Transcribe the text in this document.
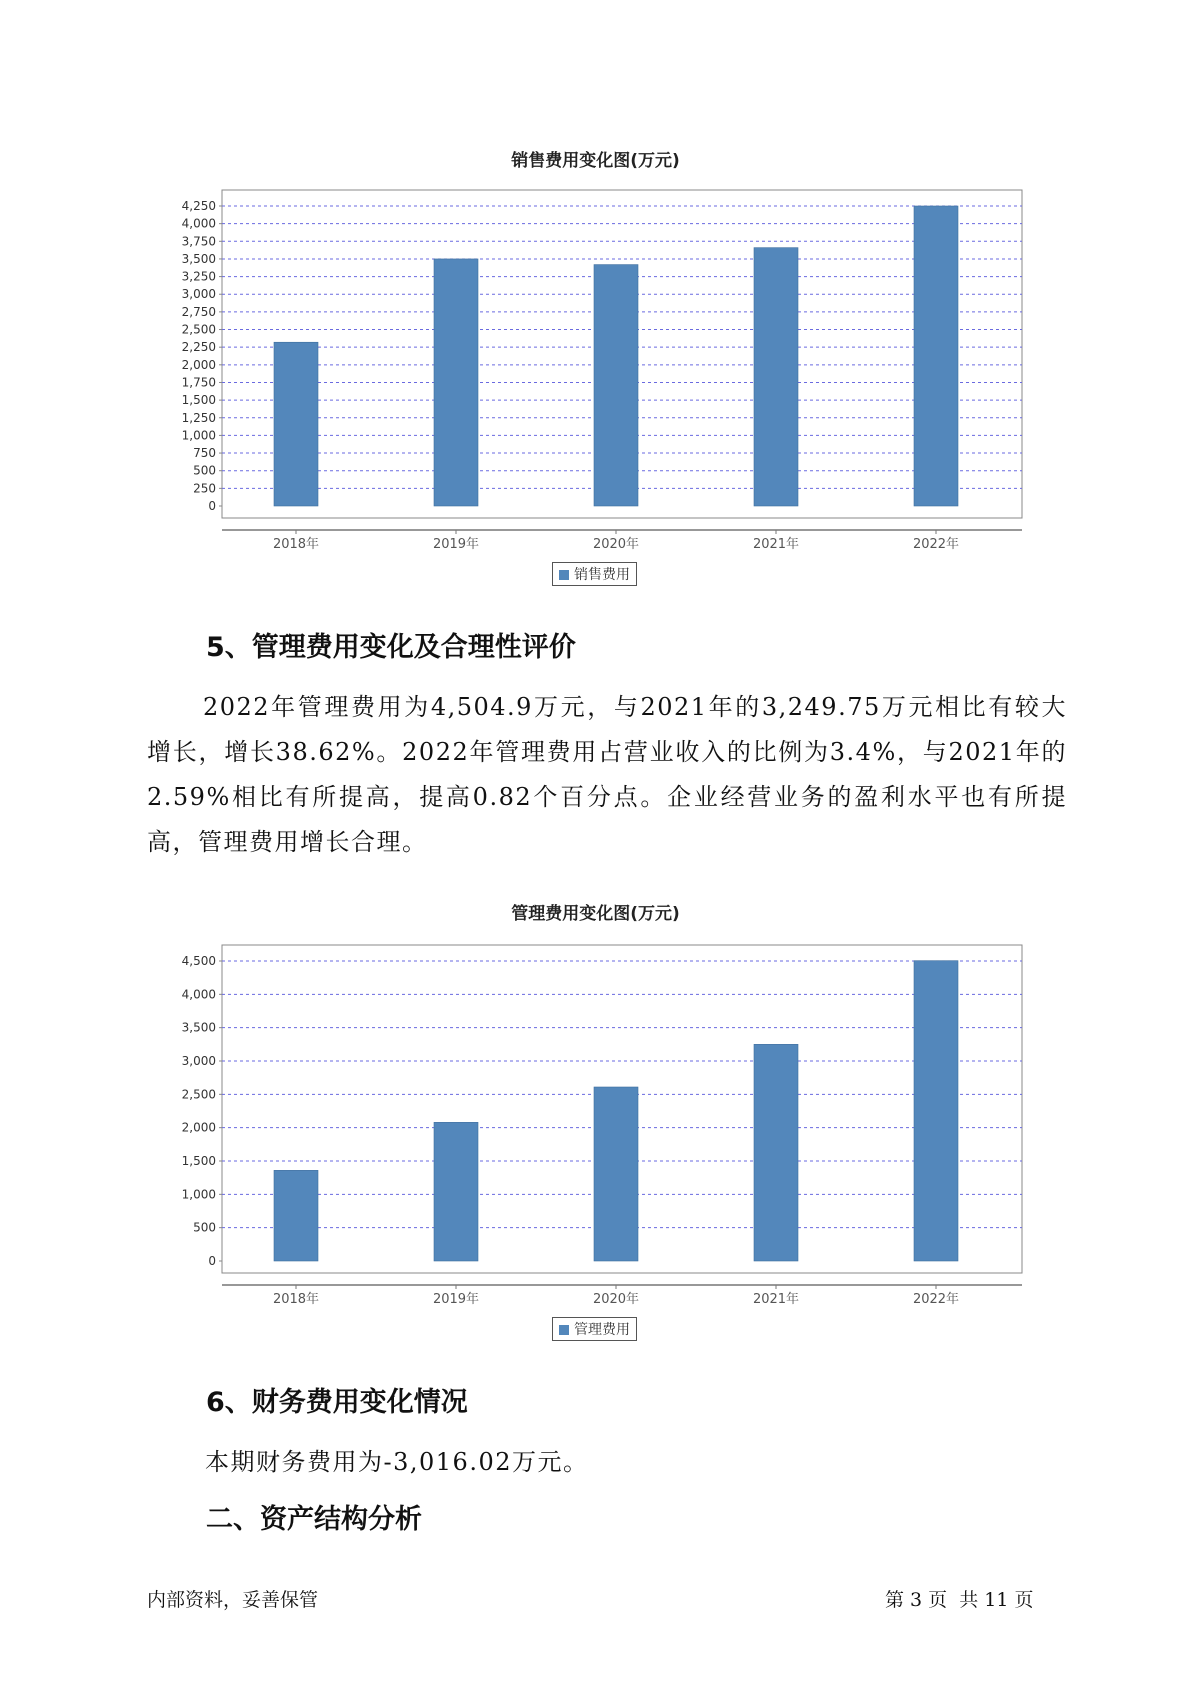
销售费用变化图(万元)
0
250
500
750
1,000
1,250
1,500
1,750
2,000
2,250
2,500
2,750
3,000
3,250
3,500
3,750
4,000
4,250
2018年	2019年	2020年	2021年	2022年
销售费用
5、管理费用变化及合理性评价

2022年管理费用为4,504.9万元，与2021年的3,249.75万元相比有较大增长，增长38.62%。2022年管理费用占营业收入的比例为3.4%，与2021年的2.59%相比有所提高，提高0.82个百分点。企业经营业务的盈利水平也有所提高，管理费用增长合理。

管理费用变化图(万元)
0
500
1,000
1,500
2,000
2,500
3,000
3,500
4,000
4,500
2018年	2019年	2020年	2021年	2022年
管理费用
6、财务费用变化情况

本期财务费用为-3,016.02万元。

二、资产结构分析
内部资料，妥善保管	第 3 页  共 11 页
